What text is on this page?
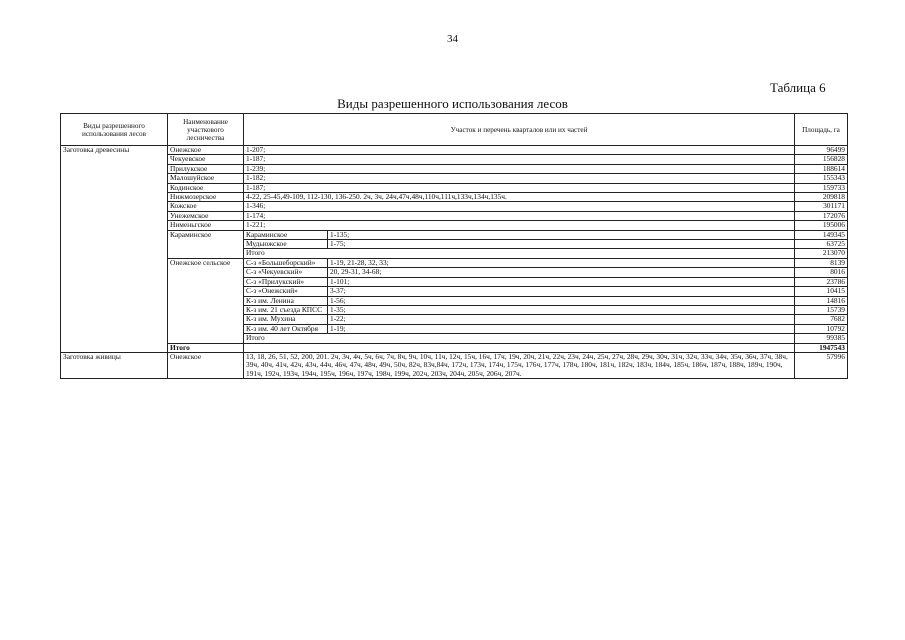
34
Таблица 6
Виды разрешенного использования лесов
Виды разрешенного использования лесов	Наименование участкового лесничества	Участок и перечень кварталов или их частей		Площадь, га
Заготовка древесины	Онежское	1-207;		96499
	Чекуевское	1-187;		156828
	Прилукское	1-239;		188614
	Малошуйское	1-182;		155343
	Кодинское	1-187;		159733
	Нижмозерское	4-22, 25-45,49-109, 112-130, 136-250. 2ч, 3ч, 24ч,47ч,48ч,110ч,111ч,133ч,134ч,135ч.		209818
	Кожское	1-346;		301171
	Унежемское	1-174;		172076
	Нименьгское	1-221;		195006
	Караминское	Караминское	1-135;	149345
		Мудьюжское	1-75;	63725
		Итого		213070
	Онежское сельское	С-з «Большеборский»	1-19, 21-28, 32, 33;	8139
		С-з «Чекуевский»	20, 29-31, 34-68;	8016
		С-з «Прилукский»	1-101;	23786
		С-з «Онежский»	3-37;	10415
		К-з им. Ленина	1-56;	14816
		К-з им. 21 съезда КПСС	1-35;	15739
		К-з им. Мухина	1-22;	7682
		К-з им. 40 лет Октября	1-19;	10792
		Итого		99385
	Итого			1947543
Заготовка живицы	Онежское	13, 18, 26, 51, 52, 200, 201. 2ч, 3ч, 4ч, 5ч, 6ч, 7ч, 8ч, 9ч, 10ч, 11ч, 12ч, 15ч, 16ч, 17ч, 19ч, 20ч, 21ч, 22ч, 23ч, 24ч, 25ч, 27ч, 28ч, 29ч, 30ч, 31ч, 32ч, 33ч, 34ч, 35ч, 36ч, 37ч, 38ч, 39ч, 40ч, 41ч, 42ч, 43ч, 44ч, 46ч, 47ч, 48ч, 49ч, 50ч, 82ч, 83ч,84ч, 172ч, 173ч, 174ч, 175ч, 176ч, 177ч, 178ч, 180ч, 181ч, 182ч, 183ч, 184ч, 185ч, 186ч, 187ч, 188ч, 189ч, 190ч, 191ч, 192ч, 193ч, 194ч, 195ч, 196ч, 197ч, 198ч, 199ч, 202ч, 203ч, 204ч, 205ч, 206ч, 207ч.		57996
